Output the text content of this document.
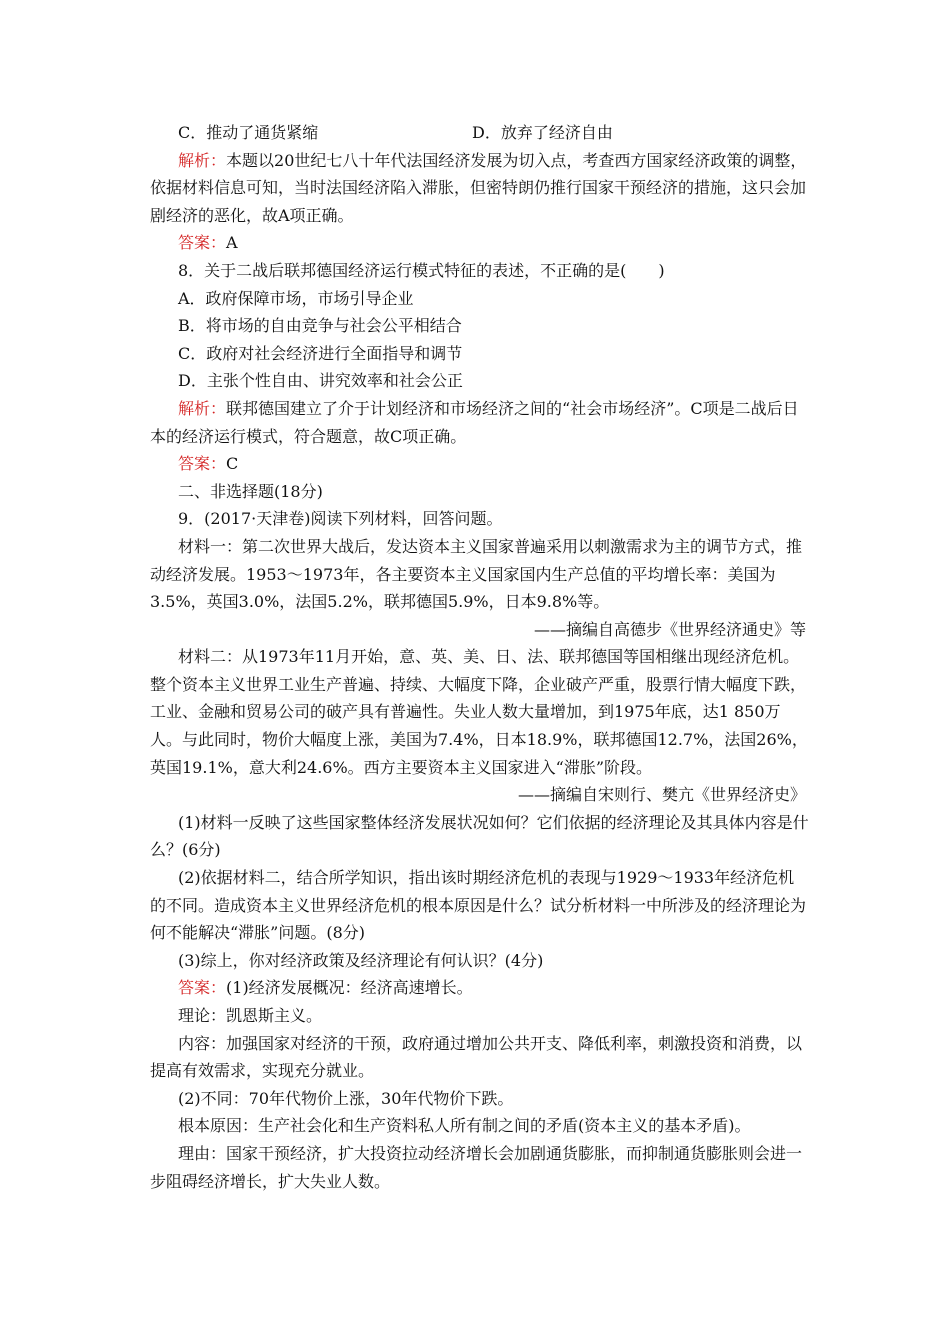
C．推动了通货紧缩	D．放弃了经济自由

解析：本题以20世纪七八十年代法国经济发展为切入点，考查西方国家经济政策的调整，依据材料信息可知，当时法国经济陷入滞胀，但密特朗仍推行国家干预经济的措施，这只会加剧经济的恶化，故A项正确。

答案：A

8．关于二战后联邦德国经济运行模式特征的表述，不正确的是(　　)

A．政府保障市场，市场引导企业

B．将市场的自由竞争与社会公平相结合

C．政府对社会经济进行全面指导和调节

D．主张个性自由、讲究效率和社会公正

解析：联邦德国建立了介于计划经济和市场经济之间的“社会市场经济”。C项是二战后日本的经济运行模式，符合题意，故C项正确。

答案：C

二、非选择题(18分)

9．(2017·天津卷)阅读下列材料，回答问题。

材料一：第二次世界大战后，发达资本主义国家普遍采用以刺激需求为主的调节方式，推动经济发展。1953～1973年，各主要资本主义国家国内生产总值的平均增长率：美国为3.5%，英国3.0%，法国5.2%，联邦德国5.9%，日本9.8%等。

——摘编自高德步《世界经济通史》等

材料二：从1973年11月开始，意、英、美、日、法、联邦德国等国相继出现经济危机。整个资本主义世界工业生产普遍、持续、大幅度下降，企业破产严重，股票行情大幅度下跌，工业、金融和贸易公司的破产具有普遍性。失业人数大量增加，到1975年底，达1 850万人。与此同时，物价大幅度上涨，美国为7.4%，日本18.9%，联邦德国12.7%，法国26%，英国19.1%，意大利24.6%。西方主要资本主义国家进入“滞胀”阶段。

——摘编自宋则行、樊亢《世界经济史》

(1)材料一反映了这些国家整体经济发展状况如何？它们依据的经济理论及其具体内容是什么？(6分)

(2)依据材料二，结合所学知识，指出该时期经济危机的表现与1929～1933年经济危机的不同。造成资本主义世界经济危机的根本原因是什么？试分析材料一中所涉及的经济理论为何不能解决“滞胀”问题。(8分)

(3)综上，你对经济政策及经济理论有何认识？(4分)

答案：(1)经济发展概况：经济高速增长。

理论：凯恩斯主义。

内容：加强国家对经济的干预，政府通过增加公共开支、降低利率，刺激投资和消费，以提高有效需求，实现充分就业。

(2)不同：70年代物价上涨，30年代物价下跌。

根本原因：生产社会化和生产资料私人所有制之间的矛盾(资本主义的基本矛盾)。

理由：国家干预经济，扩大投资拉动经济增长会加剧通货膨胀，而抑制通货膨胀则会进一步阻碍经济增长，扩大失业人数。
